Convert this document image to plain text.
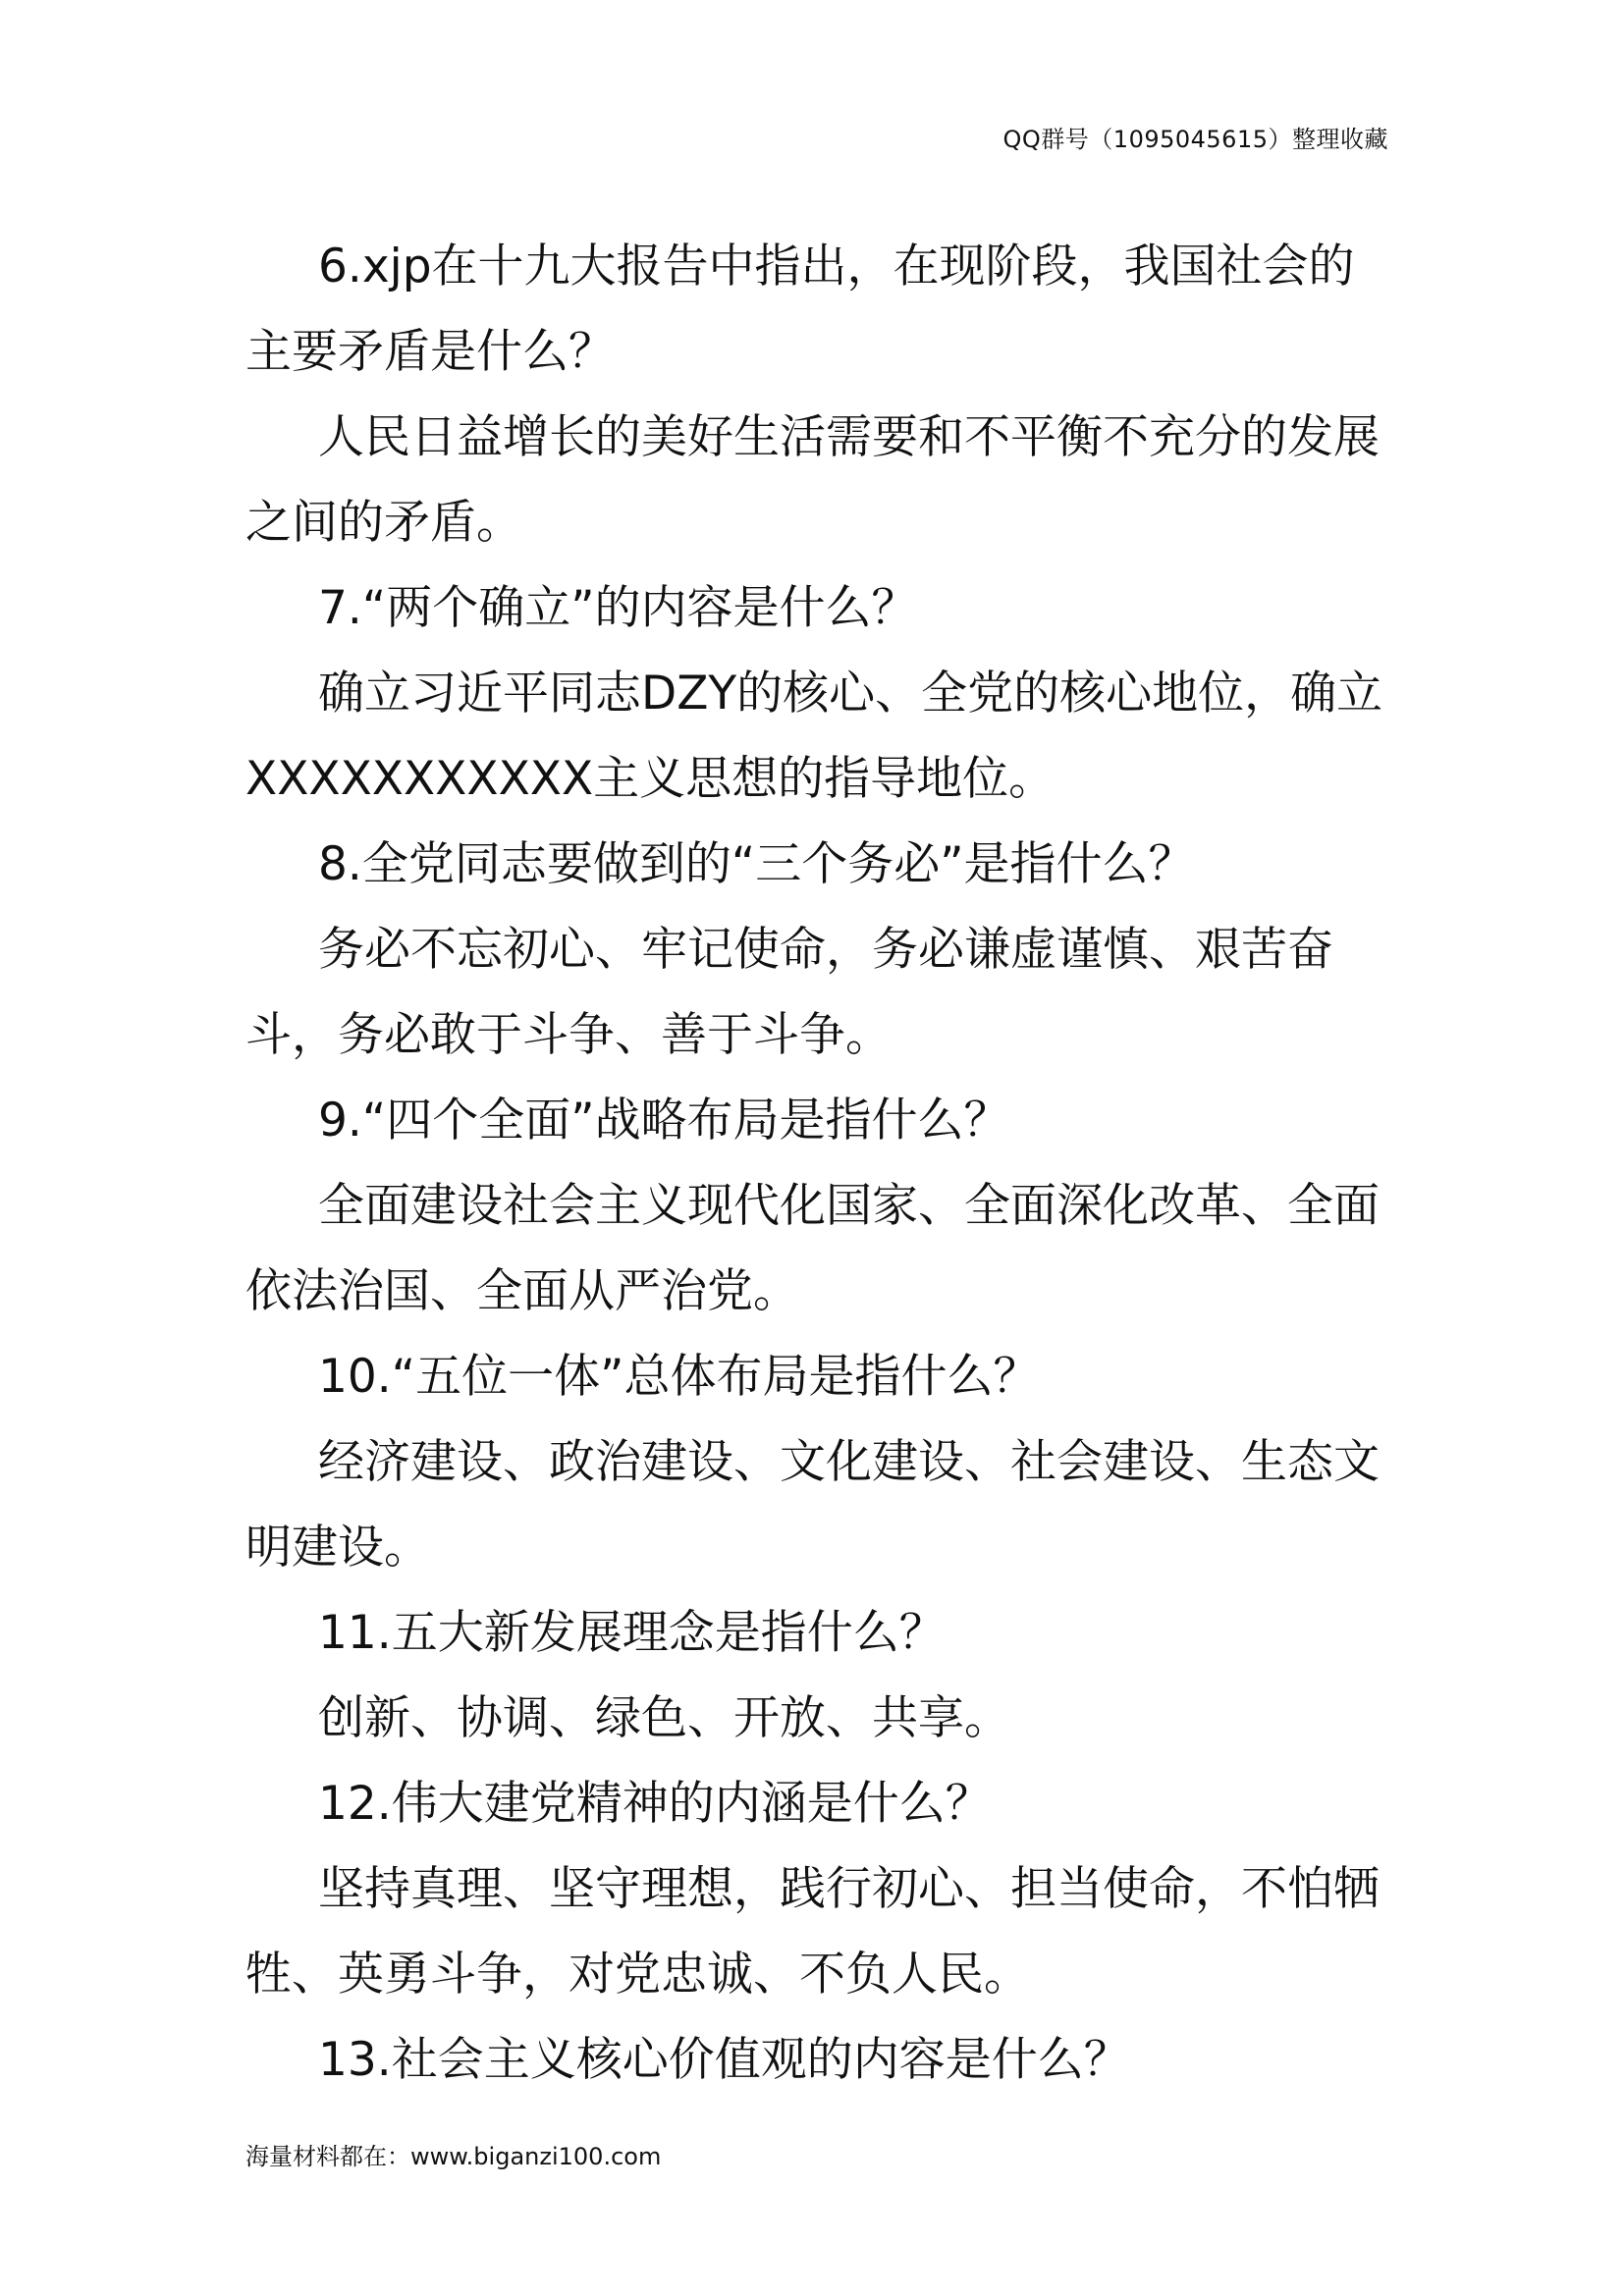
QQ群号（1095045615）整理收藏

6.xjp在十九大报告中指出，在现阶段，我国社会的主要矛盾是什么？

人民日益增长的美好生活需要和不平衡不充分的发展之间的矛盾。

7.“两个确立”的内容是什么？

确立习近平同志DZY的核心、全党的核心地位，确立XXXXXXXXXXX主义思想的指导地位。

8.全党同志要做到的“三个务必”是指什么？

务必不忘初心、牢记使命，务必谦虚谨慎、艰苦奋斗，务必敢于斗争、善于斗争。

9.“四个全面”战略布局是指什么？

全面建设社会主义现代化国家、全面深化改革、全面依法治国、全面从严治党。

10.“五位一体”总体布局是指什么？

经济建设、政治建设、文化建设、社会建设、生态文明建设。

11.五大新发展理念是指什么？

创新、协调、绿色、开放、共享。

12.伟大建党精神的内涵是什么？

坚持真理、坚守理想，践行初心、担当使命，不怕牺牲、英勇斗争，对党忠诚、不负人民。

13.社会主义核心价值观的内容是什么？

海量材料都在：www.biganzi100.com
